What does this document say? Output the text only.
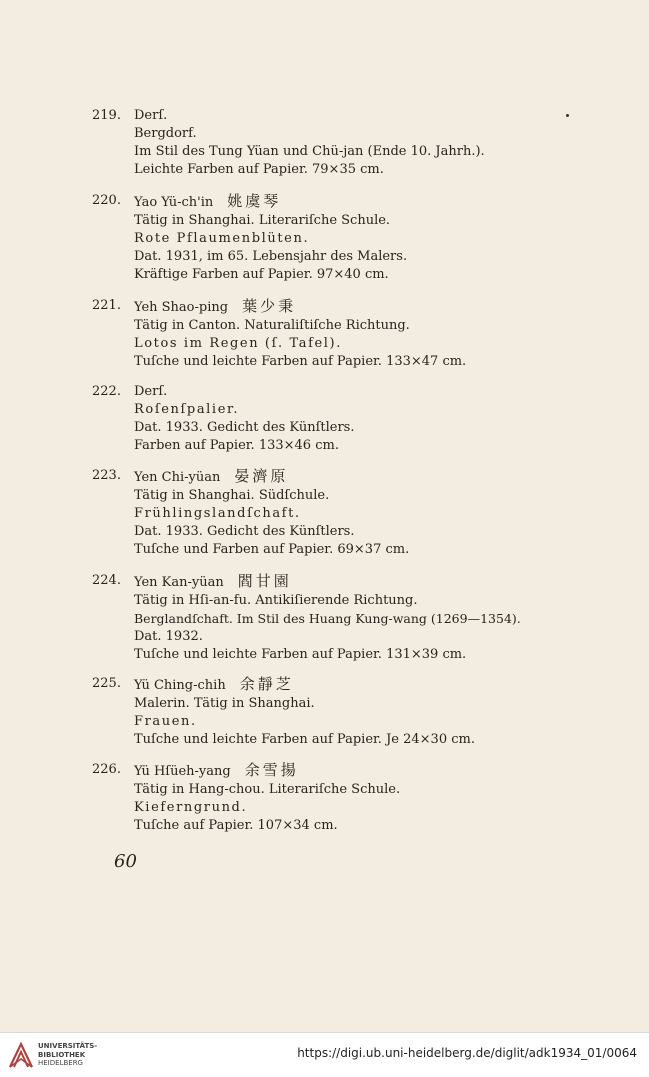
219. Derſ.
Bergdorf.
Im Stil des Tung Yüan und Chü-jan (Ende 10. Jahrh.).
Leichte Farben auf Papier. 79×35 cm.
220. Yao Yü-ch'in 姚虞琴
Tätig in Shanghai. Literariſche Schule.
Rote Pflaumenblüten.
Dat. 1931, im 65. Lebensjahr des Malers.
Kräftige Farben auf Papier. 97×40 cm.
221. Yeh Shao-ping 葉少秉
Tätig in Canton. Naturaliſtiſche Richtung.
Lotos im Regen (ſ. Tafel).
Tuſche und leichte Farben auf Papier. 133×47 cm.
222. Derſ.
Roſenſpalier.
Dat. 1933. Gedicht des Künſtlers.
Farben auf Papier. 133×46 cm.
223. Yen Chi-yüan 晏濟原
Tätig in Shanghai. Südſchule.
Frühlingslandſchaft.
Dat. 1933. Gedicht des Künſtlers.
Tuſche und Farben auf Papier. 69×37 cm.
224. Yen Kan-yüan 閻甘園
Tätig in Hſi-an-fu. Antikiſierende Richtung.
Berglandſchaft. Im Stil des Huang Kung-wang (1269—1354).
Dat. 1932.
Tuſche und leichte Farben auf Papier. 131×39 cm.
225. Yü Ching-chih 余靜芝
Malerin. Tätig in Shanghai.
Frauen.
Tuſche und leichte Farben auf Papier. Je 24×30 cm.
226. Yü Hſüeh-yang 余雪揚
Tätig in Hang-chou. Literariſche Schule.
Kieferngrund.
Tuſche auf Papier. 107×34 cm.
60
UNIVERSITÄTS-
BIBLIOTHEK
HEIDELBERG
https://digi.ub.uni-heidelberg.de/diglit/adk1934_01/0064
